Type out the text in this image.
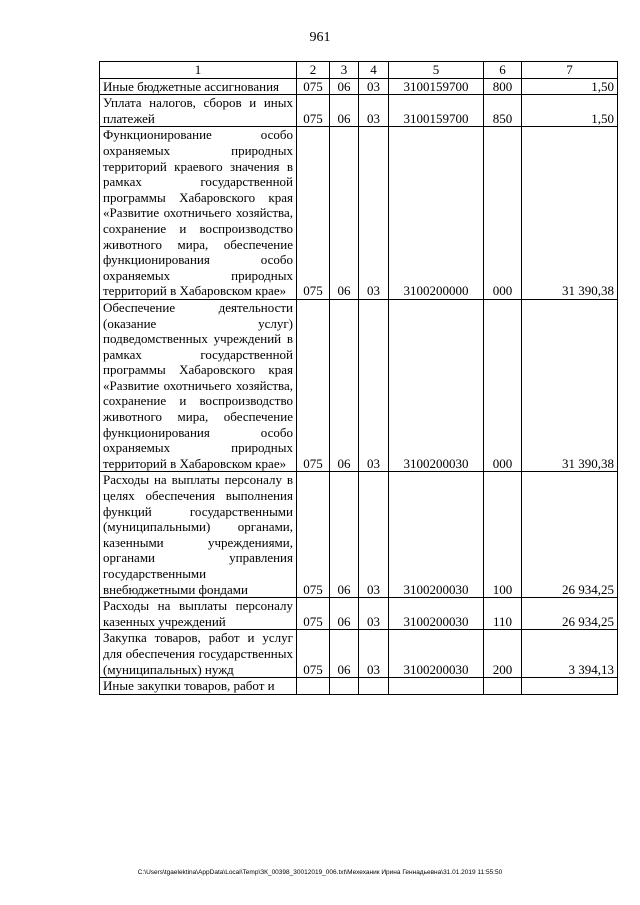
961
1	2	3	4	5	6	7
Иные бюджетные ассигнования	075	06	03	3100159700	800	1,50
Уплата налогов, сборов и иных платежей	075	06	03	3100159700	850	1,50
Функционирование особо охраняемых природных территорий краевого значения в рамках государственной программы Хабаровского края «Развитие охотничьего хозяйства, сохранение и воспроизводство животного мира, обеспечение функционирования особо охраняемых природных территорий в Хабаровском крае»	075	06	03	3100200000	000	31 390,38
Обеспечение деятельности (оказание услуг) подведомственных учреждений в рамках государственной программы Хабаровского края «Развитие охотничьего хозяйства, сохранение и воспроизводство животного мира, обеспечение функционирования особо охраняемых природных территорий в Хабаровском крае»	075	06	03	3100200030	000	31 390,38
Расходы на выплаты персоналу в целях обеспечения выполнения функций государственными (муниципальными) органами, казенными учреждениями, органами управления государственными внебюджетными фондами	075	06	03	3100200030	100	26 934,25
Расходы на выплаты персоналу казенных учреждений	075	06	03	3100200030	110	26 934,25
Закупка товаров, работ и услуг для обеспечения государственных (муниципальных) нужд	075	06	03	3100200030	200	3 394,13
Иные закупки товаров, работ и						
C:\Users\tgaelektina\AppData\Local\Temp\ЗК_00398_30012019_006.txt\Мехеханик Ирина Геннадьевна\31.01.2019 11:55:50
